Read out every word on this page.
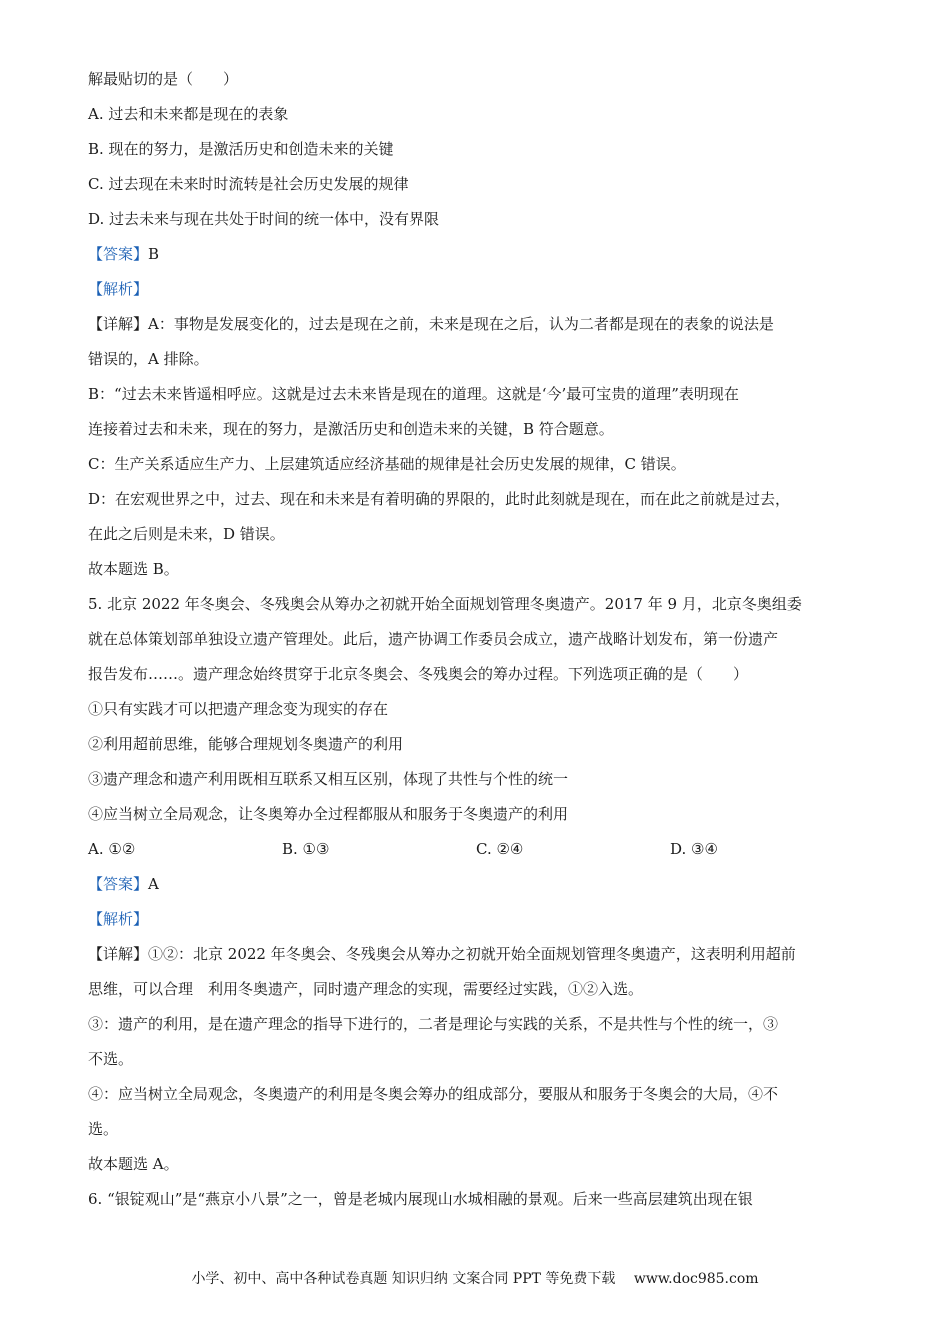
解最贴切的是（　　）
A. 过去和未来都是现在的表象
B. 现在的努力，是激活历史和创造未来的关键
C. 过去现在未来时时流转是社会历史发展的规律
D. 过去未来与现在共处于时间的统一体中，没有界限
【答案】B
【解析】
【详解】A：事物是发展变化的，过去是现在之前，未来是现在之后，认为二者都是现在的表象的说法是
错误的，A 排除。
B：“过去未来皆遥相呼应。这就是过去未来皆是现在的道理。这就是‘今’最可宝贵的道理”表明现在
连接着过去和未来，现在的努力，是激活历史和创造未来的关键，B 符合题意。
C：生产关系适应生产力、上层建筑适应经济基础的规律是社会历史发展的规律，C 错误。
D：在宏观世界之中，过去、现在和未来是有着明确的界限的，此时此刻就是现在，而在此之前就是过去，
在此之后则是未来，D 错误。
故本题选 B。
5. 北京 2022 年冬奥会、冬残奥会从筹办之初就开始全面规划管理冬奥遗产。2017 年 9 月，北京冬奥组委
就在总体策划部单独设立遗产管理处。此后，遗产协调工作委员会成立，遗产战略计划发布，第一份遗产
报告发布……。遗产理念始终贯穿于北京冬奥会、冬残奥会的筹办过程。下列选项正确的是（　　）
①只有实践才可以把遗产理念变为现实的存在
②利用超前思维，能够合理规划冬奥遗产的利用
③遗产理念和遗产利用既相互联系又相互区别，体现了共性与个性的统一
④应当树立全局观念，让冬奥筹办全过程都服从和服务于冬奥遗产的利用
A. ①②	B. ①③	C. ②④	D. ③④
【答案】A
【解析】
【详解】①②：北京 2022 年冬奥会、冬残奥会从筹办之初就开始全面规划管理冬奥遗产，这表明利用超前
思维，可以合理　利用冬奥遗产，同时遗产理念的实现，需要经过实践，①②入选。
③：遗产的利用，是在遗产理念的指导下进行的，二者是理论与实践的关系，不是共性与个性的统一，③
不选。
④：应当树立全局观念，冬奥遗产的利用是冬奥会筹办的组成部分，要服从和服务于冬奥会的大局，④不
选。
故本题选 A。
6. “银锭观山”是“燕京小八景”之一，曾是老城内展现山水城相融的景观。后来一些高层建筑出现在银
小学、初中、高中各种试卷真题 知识归纳 文案合同 PPT 等免费下载　 www.doc985.com
